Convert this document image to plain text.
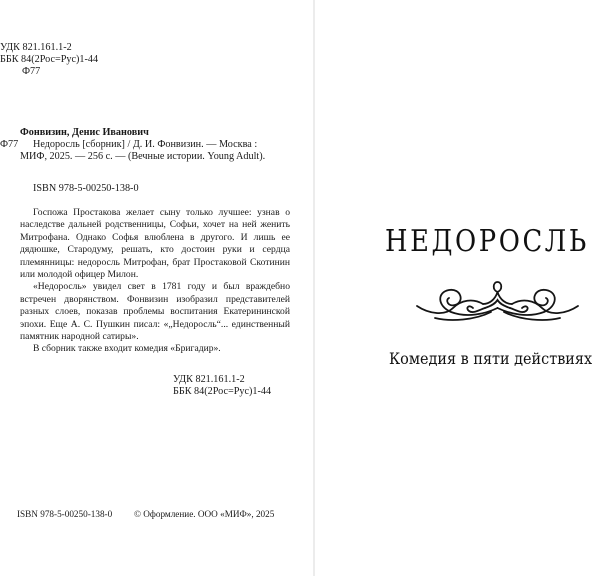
УДК 821.161.1-2
ББК 84(2Рос=Рус)1-44
Ф77
Фонвизин, Денис Иванович
Ф77 Недоросль [сборник] / Д. И. Фонвизин. — Москва :
МИФ, 2025. — 256 с. — (Вечные истории. Young Adult).
ISBN 978-5-00250-138-0

Госпожа Простакова желает сыну только лучшее: узнав о наследстве дальней родственницы, Софьи, хочет на ней женить Митрофана. Однако Софья влюблена в другого. И лишь ее дядюшке, Стародуму, решать, кто достоин руки и сердца племянницы: недоросль Митрофан, брат Простаковой Скотинин или молодой офицер Милон.

«Недоросль» увидел свет в 1781 году и был враждебно встречен дворянством. Фонвизин изобразил представителей разных слоев, показав проблемы воспитания Екатерининской эпохи. Еще А. С. Пушкин писал: «„Недоросль“... единственный памятник народной сатиры».

В сборник также входит комедия «Бригадир».

УДК 821.161.1-2
ББК 84(2Рос=Рус)1-44
ISBN 978-5-00250-138-0 © Оформление. ООО «МИФ», 2025
НЕДОРОСЛЬ
Комедия в пяти действиях
